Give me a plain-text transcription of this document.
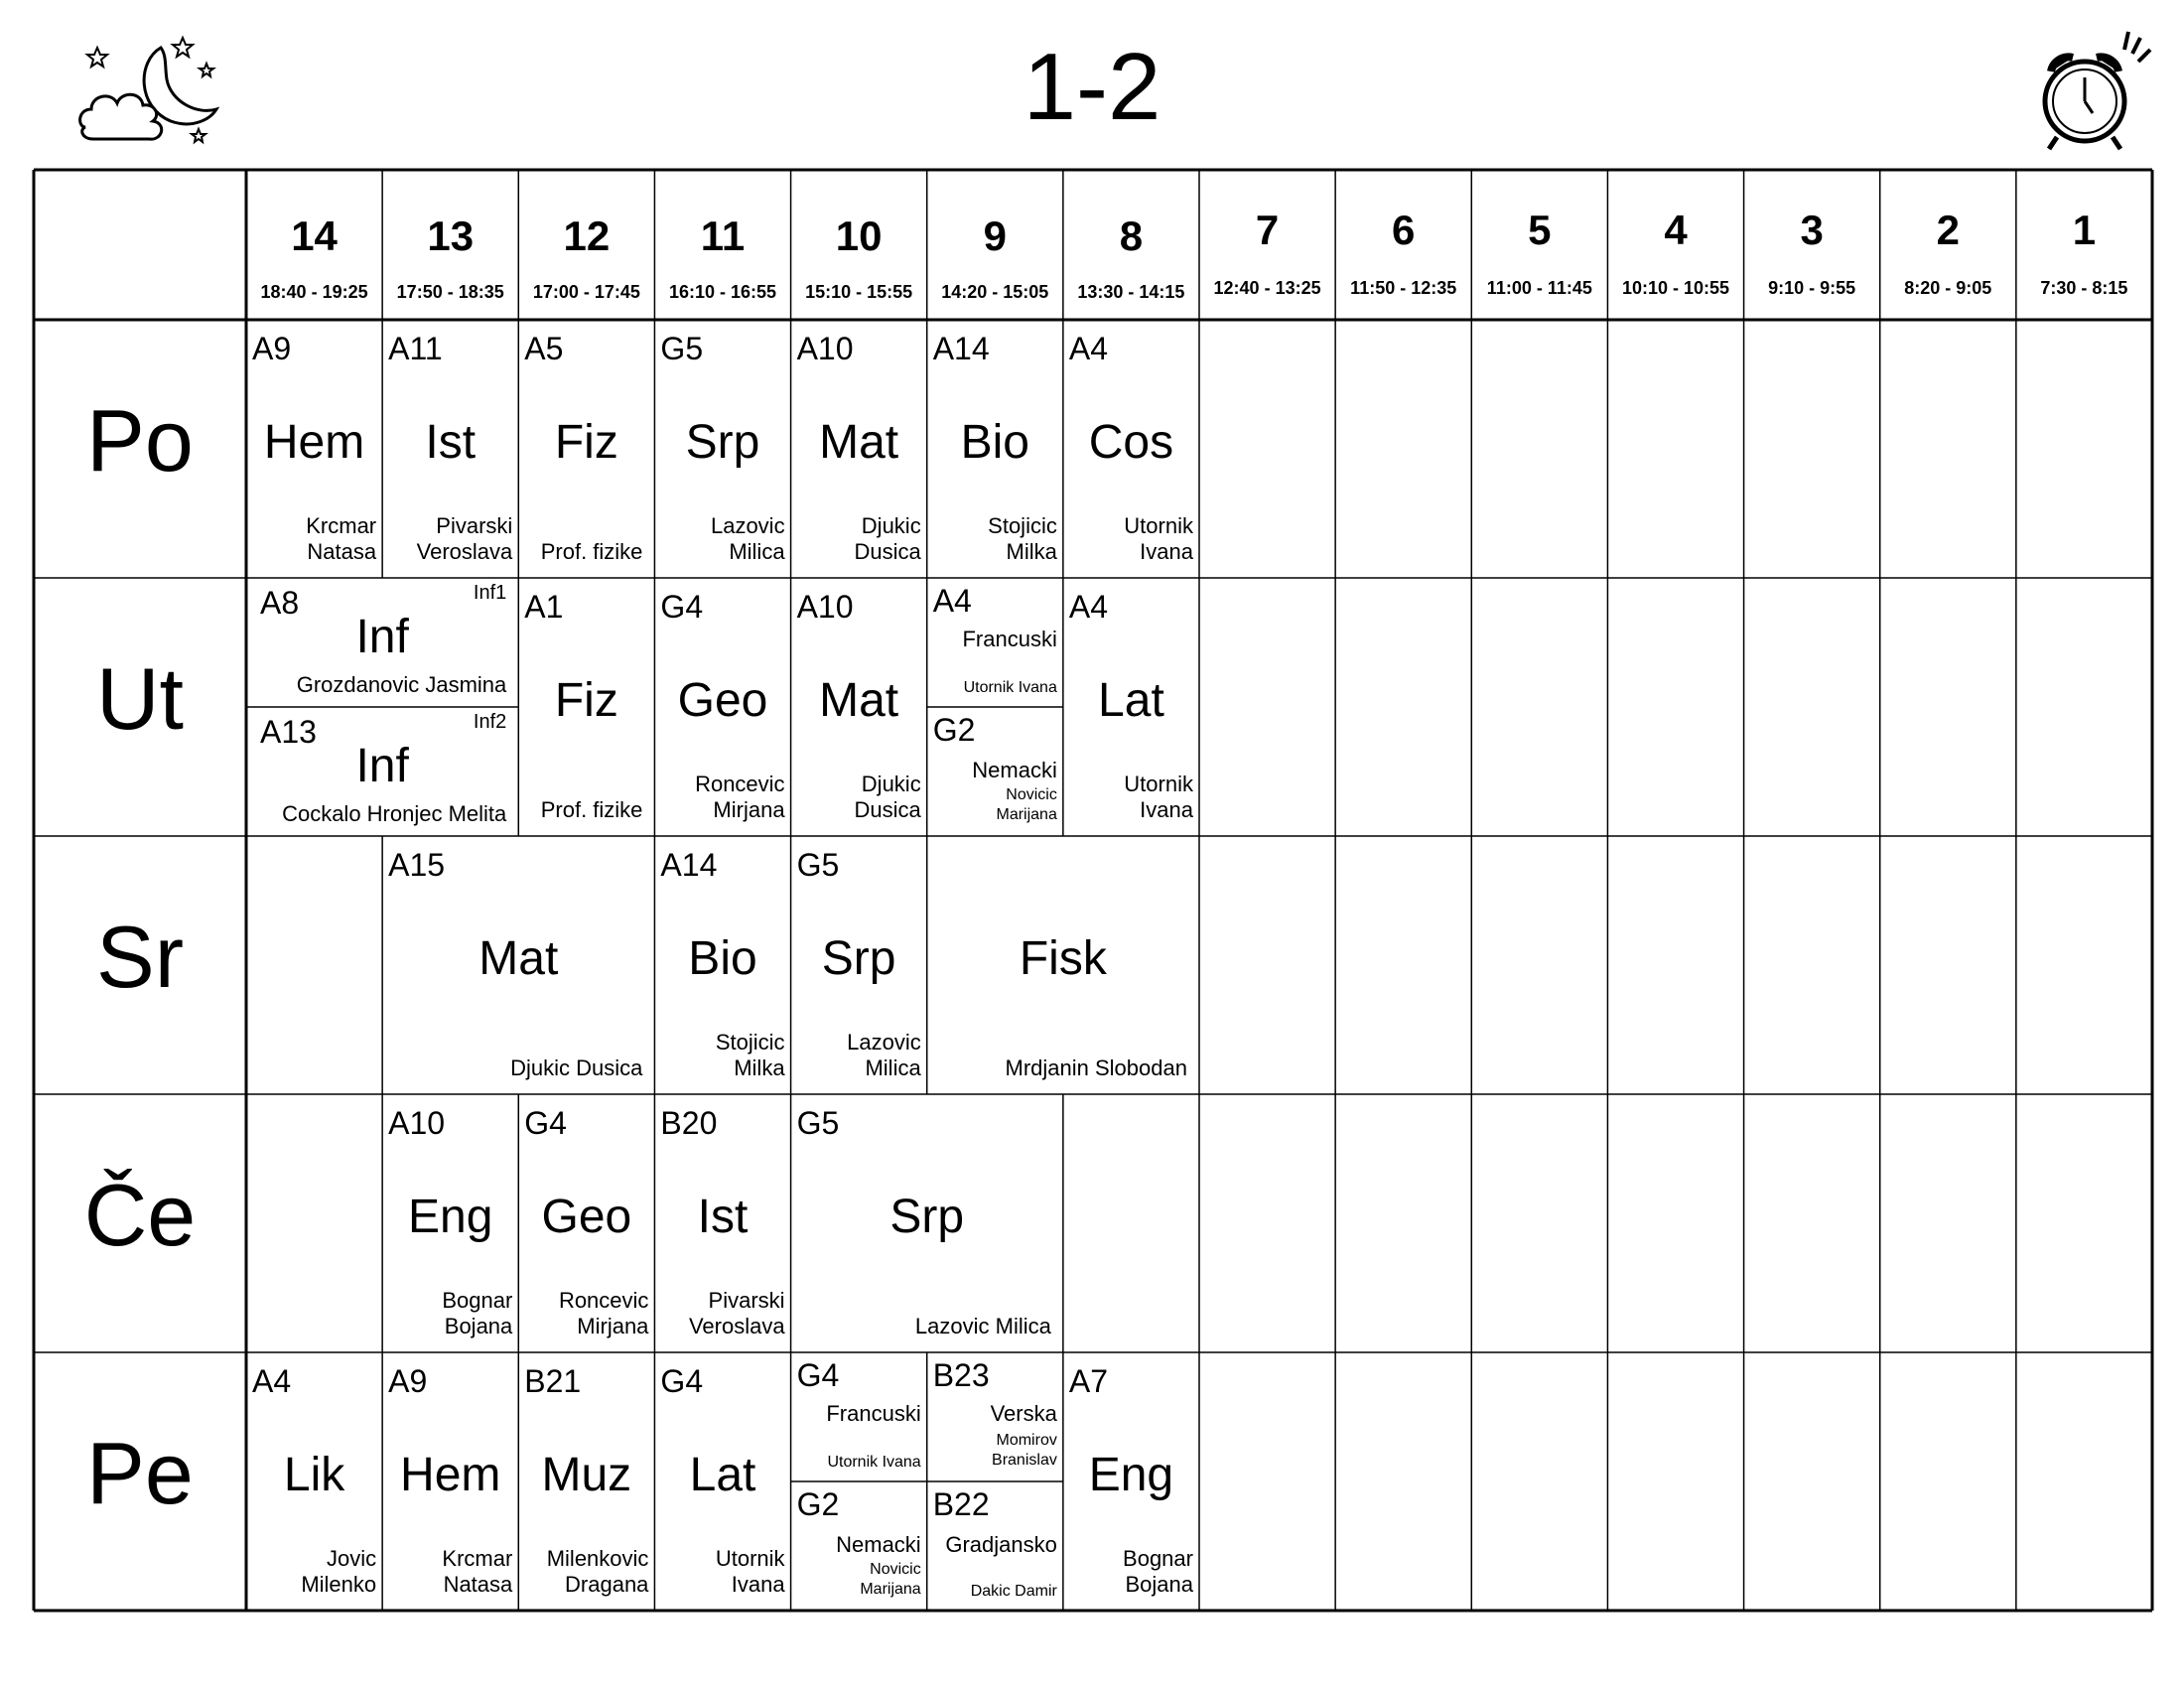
1-2
14
18:40 - 19:25
13
17:50 - 18:35
12
17:00 - 17:45
11
16:10 - 16:55
10
15:10 - 15:55
9
14:20 - 15:05
8
13:30 - 14:15
7
12:40 - 13:25
6
11:50 - 12:35
5
11:00 - 11:45
4
10:10 - 10:55
3
9:10 - 9:55
2
8:20 - 9:05
1
7:30 - 8:15
Po
Ut
Sr
Če
Pe
A9
Hem
Krcmar
Natasa
A11
Ist
Pivarski
Veroslava
A5
Fiz
Prof. fizike
G5
Srp
Lazovic
Milica
A10
Mat
Djukic
Dusica
A14
Bio
Stojicic
Milka
A4
Cos
Utornik
Ivana
A8	Inf1
Inf
Grozdanovic Jasmina
A13	Inf2
Inf
Cockalo Hronjec Melita
A1
Fiz
Prof. fizike
G4
Geo
Roncevic
Mirjana
A10
Mat
Djukic
Dusica
A4
Francuski
Utornik Ivana
G2
Nemacki
Novicic
Marijana
A4
Lat
Utornik
Ivana
A15
Mat
Djukic Dusica
A14
Bio
Stojicic
Milka
G5
Srp
Lazovic
Milica
Fisk
Mrdjanin Slobodan
A10
Eng
Bognar
Bojana
G4
Geo
Roncevic
Mirjana
B20
Ist
Pivarski
Veroslava
G5
Srp
Lazovic Milica
A4
Lik
Jovic
Milenko
A9
Hem
Krcmar
Natasa
B21
Muz
Milenkovic
Dragana
G4
Lat
Utornik
Ivana
G4
Francuski
Utornik Ivana
G2
Nemacki
Novicic
Marijana
B23
Verska
Momirov
Branislav
B22
Gradjansko
Dakic Damir
A7
Eng
Bognar
Bojana
